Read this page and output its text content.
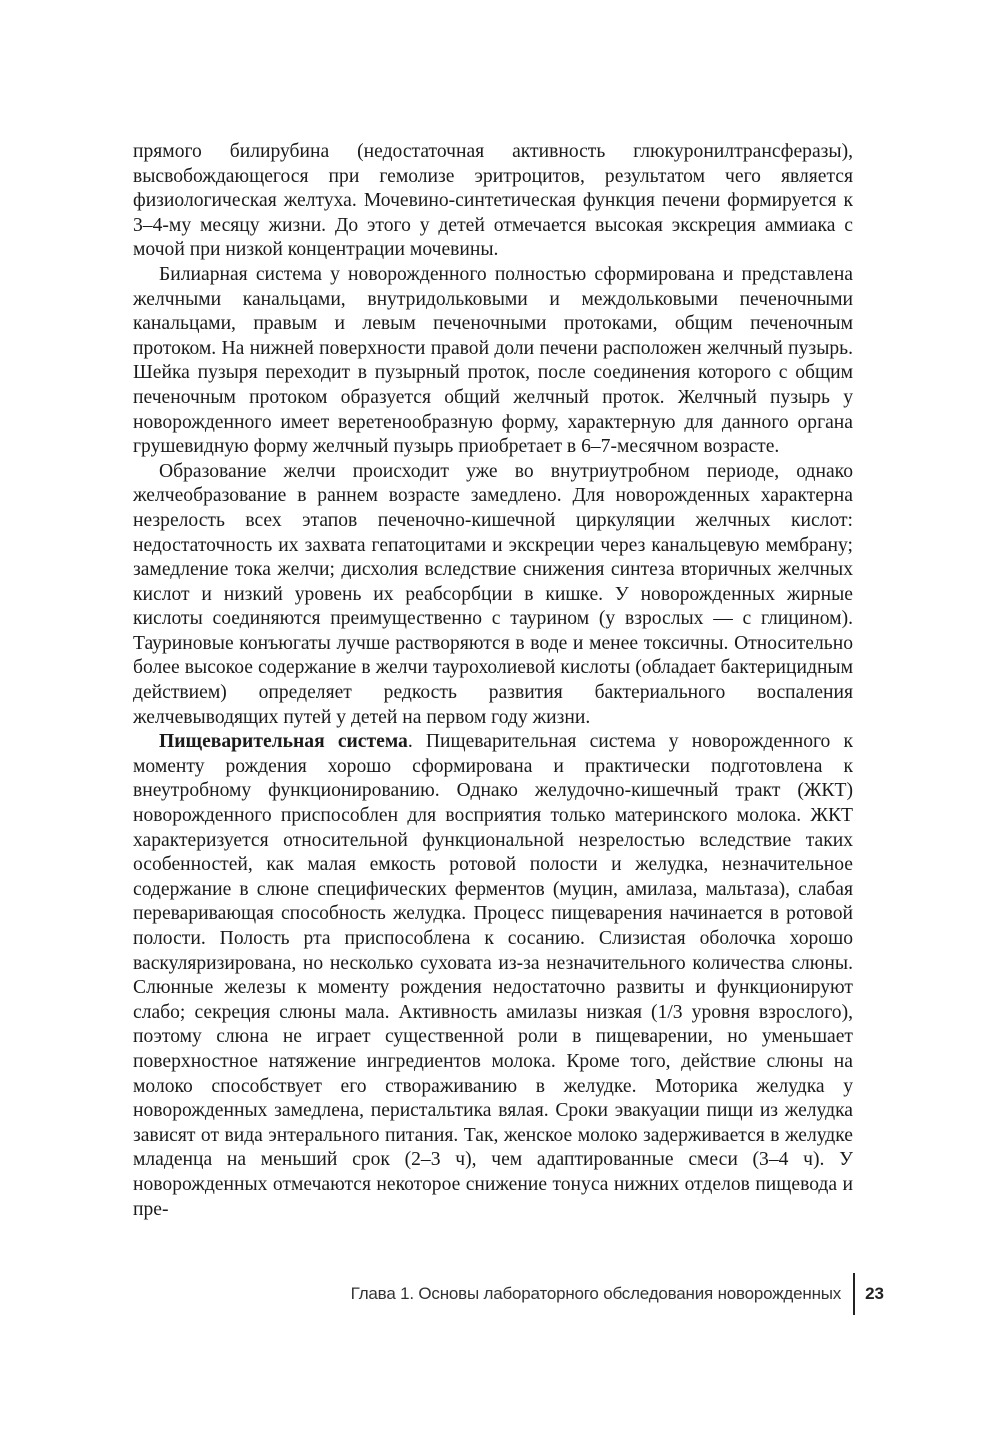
прямого билирубина (недостаточная активность глюкуронилтрансферазы), высвобождающегося при гемолизе эритроцитов, результатом чего является физиологическая желтуха. Мочевино-синтетическая функция печени формируется к 3–4-му месяцу жизни. До этого у детей отмечается высокая экскреция аммиака с мочой при низкой концентрации мочевины.

Билиарная система у новорожденного полностью сформирована и представлена желчными канальцами, внутридольковыми и междольковыми печеночными канальцами, правым и левым печеночными протоками, общим печеночным протоком. На нижней поверхности правой доли печени расположен желчный пузырь. Шейка пузыря переходит в пузырный проток, после соединения которого с общим печеночным протоком образуется общий желчный проток. Желчный пузырь у новорожденного имеет веретенообразную форму, характерную для данного органа грушевидную форму желчный пузырь приобретает в 6–7-месячном возрасте.

Образование желчи происходит уже во внутриутробном периоде, однако желчеобразование в раннем возрасте замедлено. Для новорожденных характерна незрелость всех этапов печеночно-кишечной циркуляции желчных кислот: недостаточность их захвата гепатоцитами и экскреции через канальцевую мембрану; замедление тока желчи; дисхолия вследствие снижения синтеза вторичных желчных кислот и низкий уровень их реабсорбции в кишке. У новорожденных жирные кислоты соединяются преимущественно с таурином (у взрослых — с глицином). Тауриновые конъюгаты лучше растворяются в воде и менее токсичны. Относительно более высокое содержание в желчи таурохолиевой кислоты (обладает бактерицидным действием) определяет редкость развития бактериального воспаления желчевыводящих путей у детей на первом году жизни.

Пищеварительная система. Пищеварительная система у новорожденного к моменту рождения хорошо сформирована и практически подготовлена к внеутробному функционированию. Однако желудочно-кишечный тракт (ЖКТ) новорожденного приспособлен для восприятия только материнского молока. ЖКТ характеризуется относительной функциональной незрелостью вследствие таких особенностей, как малая емкость ротовой полости и желудка, незначительное содержание в слюне специфических ферментов (муцин, амилаза, мальтаза), слабая переваривающая способность желудка. Процесс пищеварения начинается в ротовой полости. Полость рта приспособлена к сосанию. Слизистая оболочка хорошо васкуляризирована, но несколько суховата из-за незначительного количества слюны. Слюнные железы к моменту рождения недостаточно развиты и функционируют слабо; секреция слюны мала. Активность амилазы низкая (1/3 уровня взрослого), поэтому слюна не играет существенной роли в пищеварении, но уменьшает поверхностное натяжение ингредиентов молока. Кроме того, действие слюны на молоко способствует его створаживанию в желудке. Моторика желудка у новорожденных замедлена, перистальтика вялая. Сроки эвакуации пищи из желудка зависят от вида энтерального питания. Так, женское молоко задерживается в желудке младенца на меньший срок (2–3 ч), чем адаптированные смеси (3–4 ч). У новорожденных отмечаются некоторое снижение тонуса нижних отделов пищевода и пре-

Глава 1. Основы лабораторного обследования новорожденных	23
